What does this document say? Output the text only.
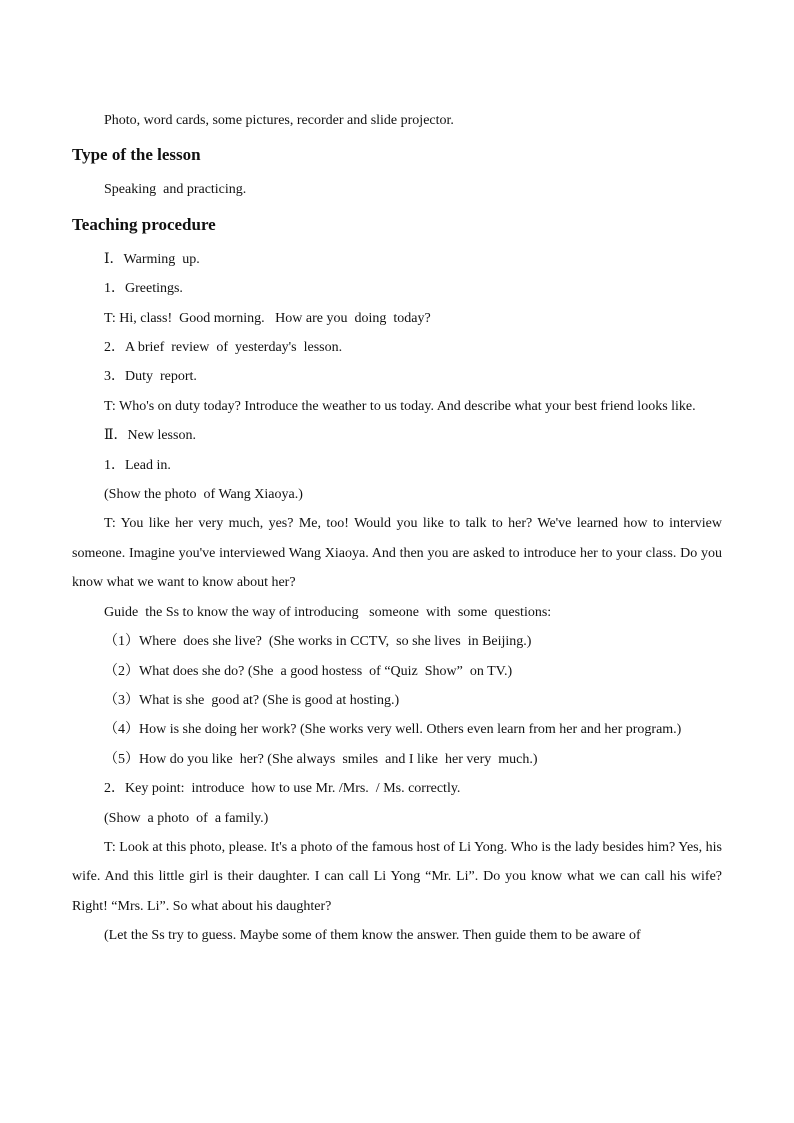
Photo, word cards, some pictures, recorder and slide projector.

Type of the lesson

Speaking  and practicing.

Teaching procedure

Ⅰ．Warming  up.

1．Greetings.

T: Hi, class!  Good morning.   How are you  doing  today?

2．A brief  review  of  yesterday's  lesson.

3．Duty  report.

T: Who's on duty today? Introduce the weather to us today. And describe what your best friend looks like.

Ⅱ．New lesson.

1．Lead in.

(Show the photo  of Wang Xiaoya.)

T: You like her very much, yes? Me, too! Would you like to talk to her? We've learned how to interview someone. Imagine you've interviewed Wang Xiaoya. And then you are asked to introduce her to your class. Do you know what we want to know about her?

Guide  the Ss to know the way of introducing   someone  with  some  questions:

（1）Where  does she live?  (She works in CCTV,  so she lives  in Beijing.)

（2）What does she do? (She  a good hostess  of “Quiz  Show”  on TV.)

（3）What is she  good at? (She is good at hosting.)

（4）How is she doing her work? (She works very well. Others even learn from her and her program.)

（5）How do you like  her? (She always  smiles  and I like  her very  much.)

2．Key point:  introduce  how to use Mr. /Mrs.  / Ms. correctly.

(Show  a photo  of  a family.)

T: Look at this photo, please. It's a photo of the famous host of Li Yong. Who is the lady besides him? Yes, his wife. And this little girl is their daughter. I can call Li Yong “Mr. Li”. Do you know what we can call his wife? Right! “Mrs. Li”. So what about his daughter?

(Let the Ss try to guess. Maybe some of them know the answer. Then guide them to be aware of
